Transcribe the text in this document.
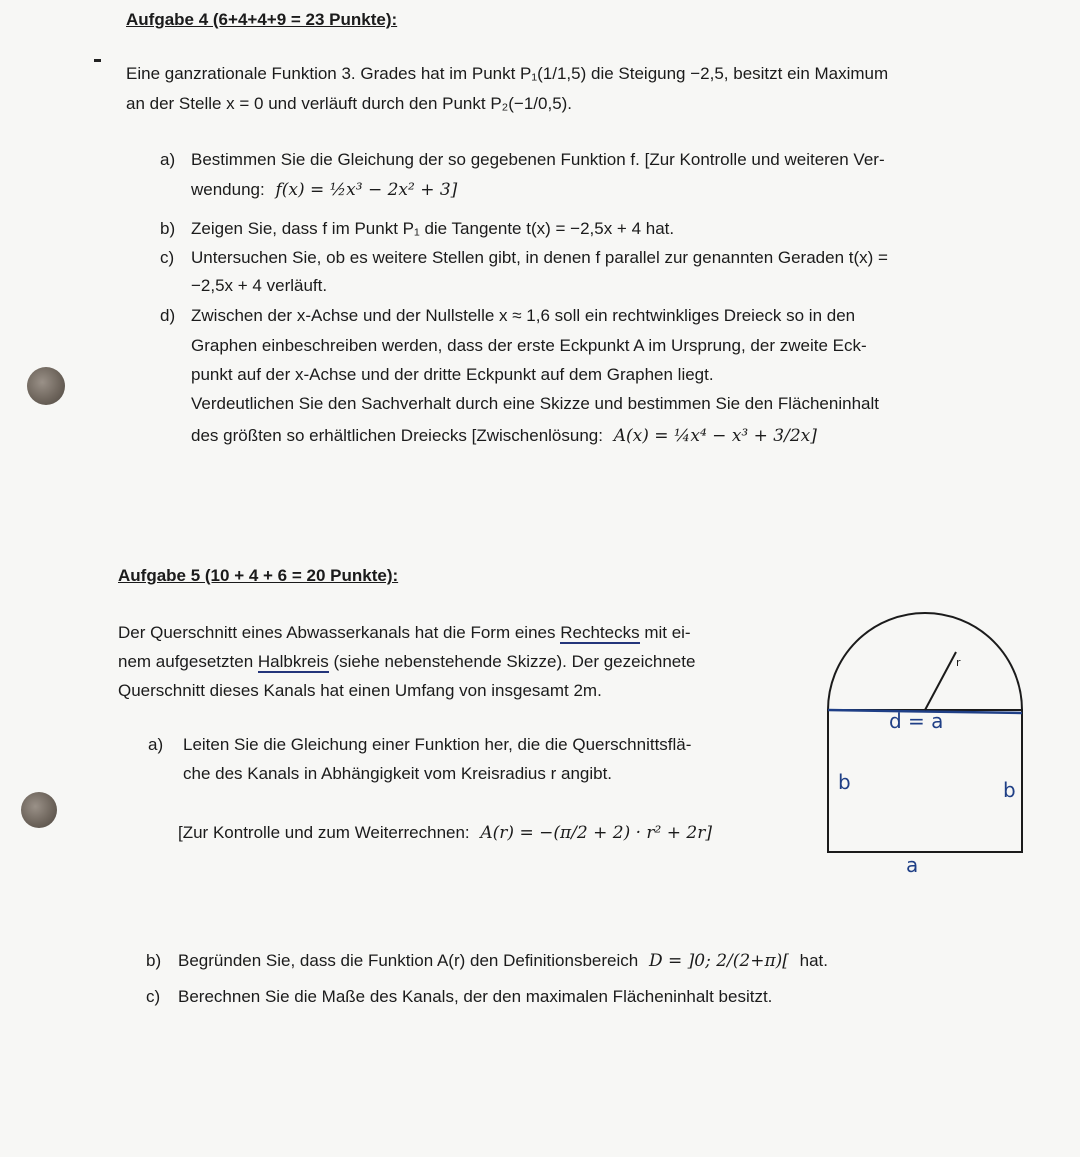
Aufgabe 4 (6+4+4+9 = 23 Punkte):
Eine ganzrationale Funktion 3. Grades hat im Punkt P₁(1/1,5) die Steigung −2,5, besitzt ein Maximum
an der Stelle x = 0 und verläuft durch den Punkt P₂(−1/0,5).
a) Bestimmen Sie die Gleichung der so gegebenen Funktion f. [Zur Kontrolle und weiteren Ver-
wendung: f(x) = ½x³ − 2x² + 3]
b) Zeigen Sie, dass f im Punkt P₁ die Tangente t(x) = −2,5x + 4 hat.
c) Untersuchen Sie, ob es weitere Stellen gibt, in denen f parallel zur genannten Geraden t(x) =
−2,5x + 4 verläuft.
d) Zwischen der x-Achse und der Nullstelle x ≈ 1,6 soll ein rechtwinkliges Dreieck so in den
Graphen einbeschreiben werden, dass der erste Eckpunkt A im Ursprung, der zweite Eck-
punkt auf der x-Achse und der dritte Eckpunkt auf dem Graphen liegt.
Verdeutlichen Sie den Sachverhalt durch eine Skizze und bestimmen Sie den Flächeninhalt
des größten so erhältlichen Dreiecks [Zwischenlösung: A(x) = ¼x⁴ − x³ + 3/2x]
Aufgabe 5 (10 + 4 + 6 = 20 Punkte):
Der Querschnitt eines Abwasserkanals hat die Form eines Rechtecks mit ei-
nem aufgesetzten Halbkreis (siehe nebenstehende Skizze). Der gezeichnete
Querschnitt dieses Kanals hat einen Umfang von insgesamt 2m.
a) Leiten Sie die Gleichung einer Funktion her, die die Querschnittsflä-
che des Kanals in Abhängigkeit vom Kreisradius r angibt.
[Zur Kontrolle und zum Weiterrechnen: A(r) = −(π/2 + 2) · r² + 2r]
r
d = a
b	b
a
b) Begründen Sie, dass die Funktion A(r) den Definitionsbereich D = ]0; 2/(2+π)[ hat.
c) Berechnen Sie die Maße des Kanals, der den maximalen Flächeninhalt besitzt.
